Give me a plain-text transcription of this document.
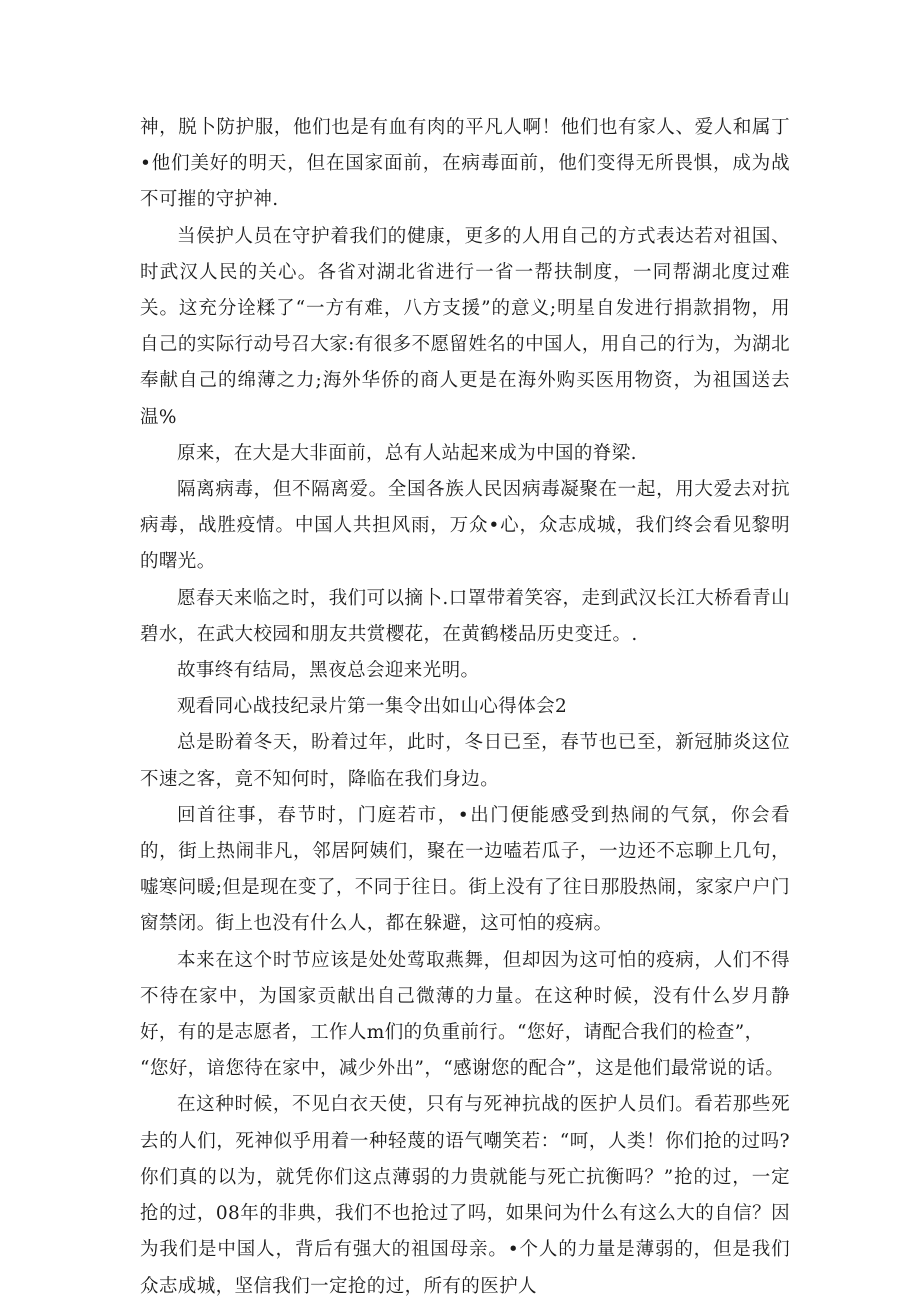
神，脱卜防护服，他们也是有血有肉的平凡人啊！他们也有家人、爱人和属丁•他们美好的明天，但在国家面前，在病毒面前，他们变得无所畏惧，成为战不可摧的守护神.

当侯护人员在守护着我们的健康，更多的人用自己的方式表达若对祖国、时武汉人民的关心。各省对湖北省进行一省一帮扶制度，一同帮湖北度过难关。这充分诠糅了“一方有难，八方支援”的意义;明星自发进行捐款捐物，用自己的实际行动号召大家:有很多不愿留姓名的中国人，用自己的行为，为湖北奉献自己的绵薄之力;海外华侨的商人更是在海外购买医用物资，为祖国送去温%

原来，在大是大非面前，总有人站起来成为中国的脊梁.

隔离病毒，但不隔离爱。全国各族人民因病毒凝聚在一起，用大爱去对抗病毒，战胜疫情。中国人共担风雨，万众•心，众志成城，我们终会看见黎明的曙光。

愿春天来临之时，我们可以摘卜.口罩带着笑容，走到武汉长江大桥看青山碧水，在武大校园和朋友共赏樱花，在黄鹤楼品历史变迁。.

故事终有结局，黑夜总会迎来光明。

观看同心战技纪录片第一集令出如山心得体会2

总是盼着冬天，盼着过年，此时，冬日已至，春节也已至，新冠肺炎这位不速之客，竟不知何时，降临在我们身边。

回首往事，春节时，门庭若市，•出门便能感受到热闹的气氛，你会看的，街上热闹非凡，邻居阿姨们，聚在一边嗑若瓜子，一边还不忘聊上几句，嘘寒问暖;但是现在变了，不同于往日。街上没有了往日那股热闹，家家户户门窗禁闭。街上也没有什么人，都在躲避，这可怕的疫病。

本来在这个时节应该是处处莺取燕舞，但却因为这可怕的疫病，人们不得不待在家中，为国家贡献出自己微薄的力量。在这种时候，没有什么岁月静好，有的是志愿者，工作人m们的负重前行。“您好，请配合我们的检查”，

“您好，谙您待在家中，减少外出”，“感谢您的配合”，这是他们最常说的话。

在这种时候，不见白衣天使，只有与死神抗战的医护人员们。看若那些死去的人们，死神似乎用着一种轻蔑的语气嘲笑若：“呵，人类！你们抢的过吗?你们真的以为，就凭你们这点薄弱的力贵就能与死亡抗衡吗？”抢的过，一定抢的过，08年的非典，我们不也抢过了吗，如果问为什么有这么大的自信？因为我们是中国人，背后有强大的祖国母亲。•个人的力量是薄弱的，但是我们众志成城，坚信我们一定抢的过，所有的医护人
